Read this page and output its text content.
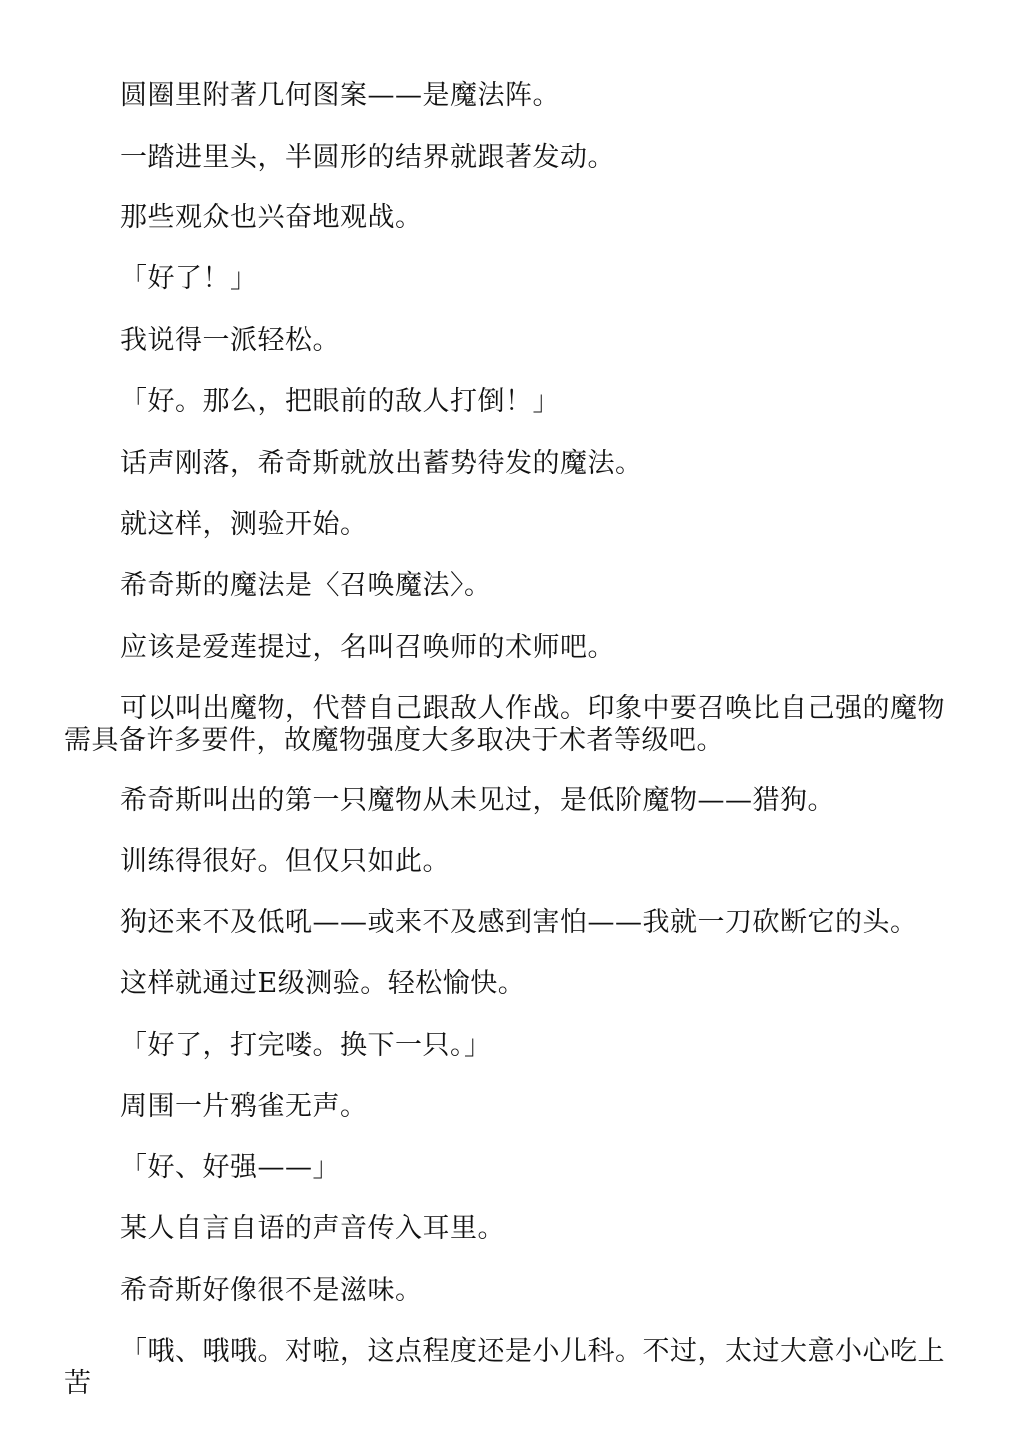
圆圈里附著几何图案——是魔法阵。

一踏进里头，半圆形的结界就跟著发动。

那些观众也兴奋地观战。

「好了！」

我说得一派轻松。

「好。那么，把眼前的敌人打倒！」

话声刚落，希奇斯就放出蓄势待发的魔法。

就这样，测验开始。

希奇斯的魔法是〈召唤魔法〉。

应该是爱莲提过，名叫召唤师的术师吧。

可以叫出魔物，代替自己跟敌人作战。印象中要召唤比自己强的魔物需具备许多要件，故魔物强度大多取决于术者等级吧。

希奇斯叫出的第一只魔物从未见过，是低阶魔物——猎狗。

训练得很好。但仅只如此。

狗还来不及低吼——或来不及感到害怕——我就一刀砍断它的头。

这样就通过E级测验。轻松愉快。

「好了，打完喽。换下一只。」

周围一片鸦雀无声。

「好、好强——」

某人自言自语的声音传入耳里。

希奇斯好像很不是滋味。

「哦、哦哦。对啦，这点程度还是小儿科。不过，太过大意小心吃上苦
